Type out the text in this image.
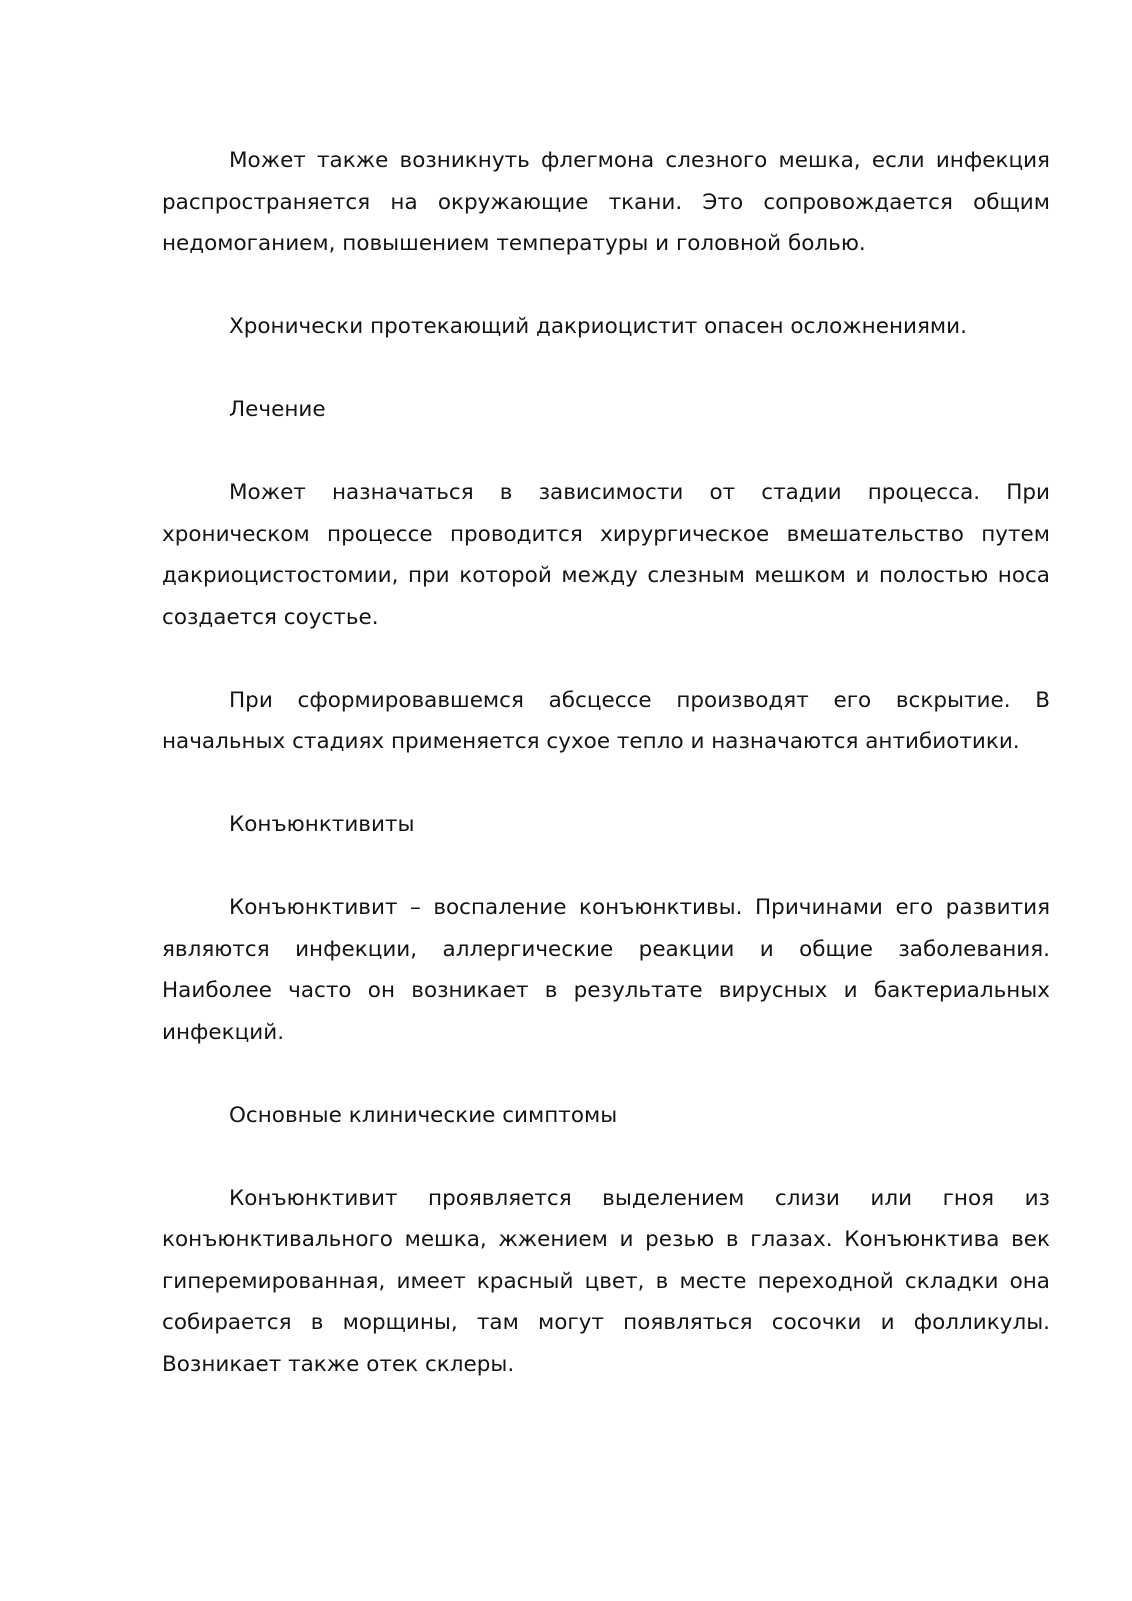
Может также возникнуть флегмона слезного мешка, если инфекция распространяется на окружающие ткани. Это сопровождается общим недомоганием, повышением температуры и головной болью.

Хронически протекающий дакриоцистит опасен осложнениями.

Лечение

Может назначаться в зависимости от стадии процесса. При хроническом процессе проводится хирургическое вмешательство путем дакриоцистостомии, при которой между слезным мешком и полостью носа создается соустье.

При сформировавшемся абсцессе производят его вскрытие. В начальных стадиях применяется сухое тепло и назначаются антибиотики.

Конъюнктивиты

Конъюнктивит – воспаление конъюнктивы. Причинами его развития являются инфекции, аллергические реакции и общие заболевания. Наиболее часто он возникает в результате вирусных и бактериальных инфекций.

Основные клинические симптомы

Конъюнктивит проявляется выделением слизи или гноя из конъюнктивального мешка, жжением и резью в глазах. Конъюнктива век гиперемированная, имеет красный цвет, в месте переходной складки она собирается в морщины, там могут появляться сосочки и фолликулы. Возникает также отек склеры.
